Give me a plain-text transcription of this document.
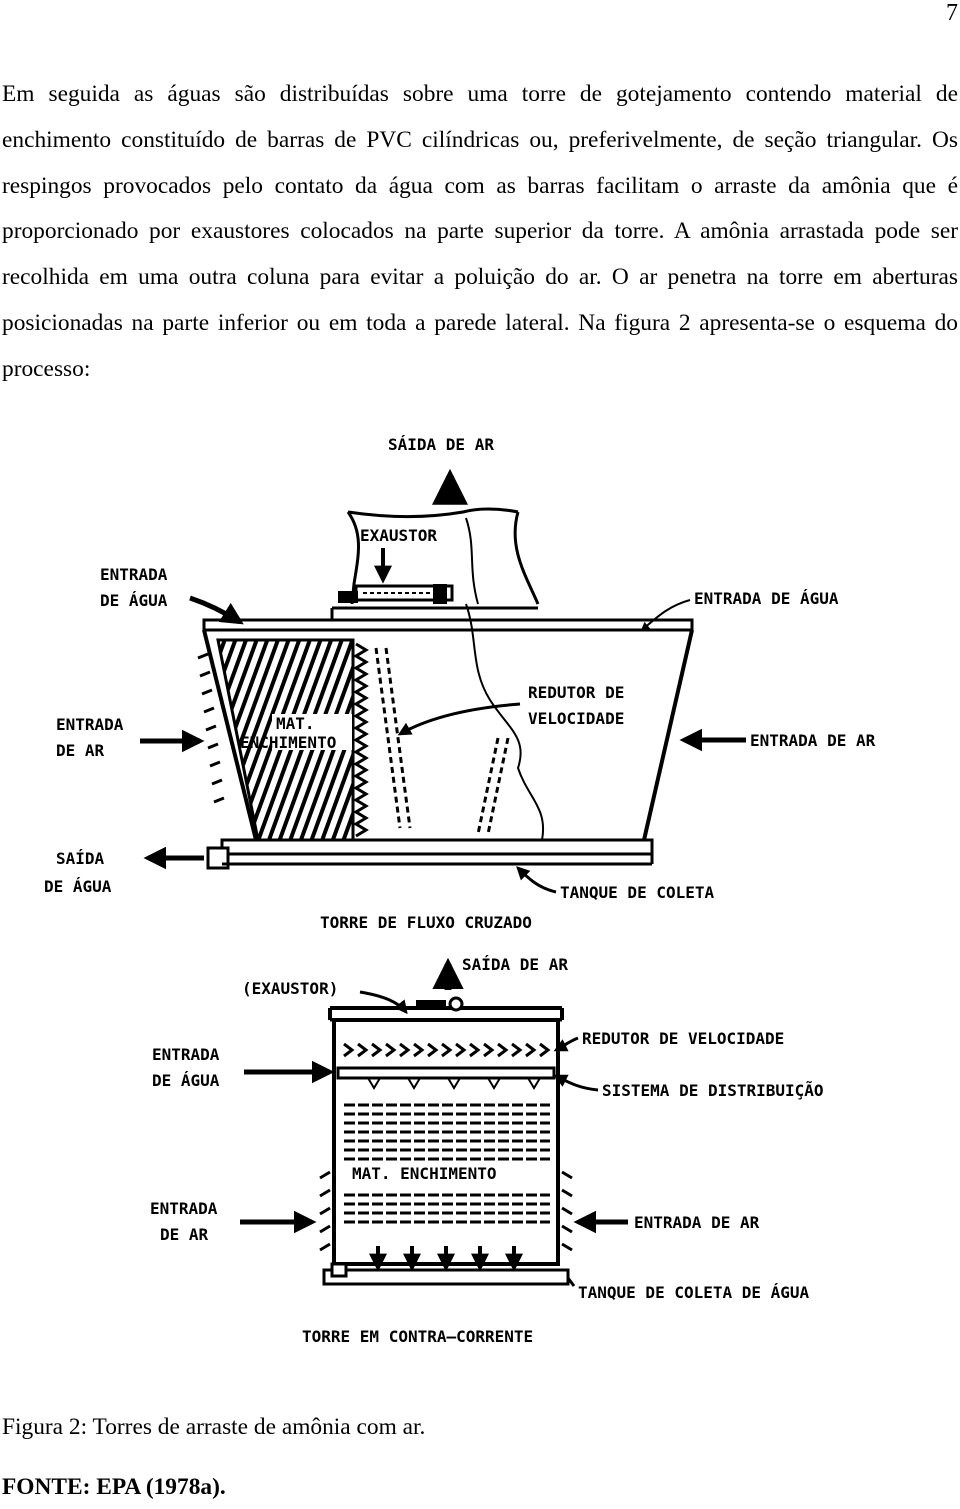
7

Em seguida as águas são distribuídas sobre uma torre de gotejamento contendo material de enchimento constituído de barras de PVC cilíndricas ou, preferivelmente, de seção triangular. Os respingos provocados pelo contato da água com as barras facilitam o arraste da amônia que é proporcionado por exaustores colocados na parte superior da torre. A amônia arrastada pode ser recolhida em uma outra coluna para evitar a poluição do ar. O ar penetra na torre em aberturas posicionadas na parte inferior ou em toda a parede lateral. Na figura 2 apresenta-se o esquema do processo:

SÁIDA DE AR
EXAUSTOR
MAT.
ENCHIMENTO
ENTRADA
DE ÁGUA	ENTRADA DE ÁGUA
REDUTOR DE
VELOCIDADE
ENTRADA
DE AR
ENTRADA DE AR
SAÍDA
DE ÁGUA	TANQUE DE COLETA
TORRE DE FLUXO CRUZADO
SAÍDA DE AR
(EXAUSTOR)
MAT. ENCHIMENTO
REDUTOR DE VELOCIDADE
ENTRADA
DE ÁGUA
SISTEMA DE DISTRIBUIÇÃO
ENTRADA
DE AR
ENTRADA DE AR
TANQUE DE COLETA DE ÁGUA
TORRE EM CONTRA–CORRENTE
Figura 2: Torres de arraste de amônia com ar.
FONTE: EPA (1978a).
